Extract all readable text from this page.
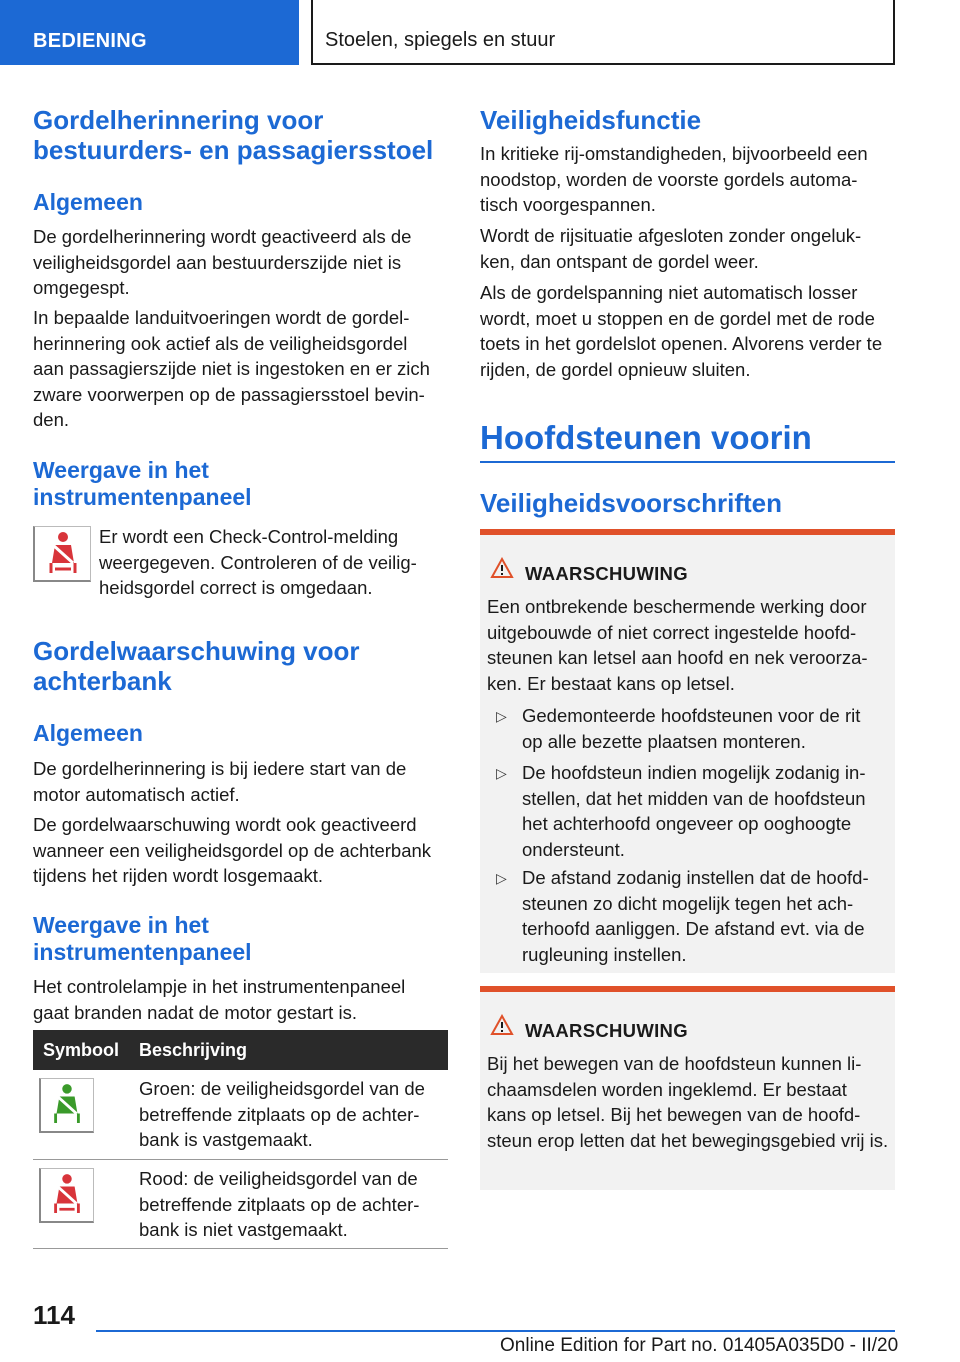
BEDIENING	Stoelen, spiegels en stuur
Gordelherinnering voor bestuurders- en passagiersstoel
Algemeen
De gordelherinnering wordt geactiveerd als de veiligheidsgordel aan bestuurderszijde niet is omgegespt.
In bepaalde landuitvoeringen wordt de gordel-herinnering ook actief als de veiligheidsgordel aan passagierszijde niet is ingestoken en er zich zware voorwerpen op de passagiersstoel bevin-den.
Weergave in het instrumentenpaneel
Er wordt een Check-Control-melding weergegeven. Controleren of de veilig-heidsgordel correct is omgedaan.
Gordelwaarschuwing voor achterbank
Algemeen
De gordelherinnering is bij iedere start van de motor automatisch actief.
De gordelwaarschuwing wordt ook geactiveerd wanneer een veiligheidsgordel op de achterbank tijdens het rijden wordt losgemaakt.
Weergave in het instrumentenpaneel
Het controlelampje in het instrumentenpaneel gaat branden nadat de motor gestart is.
Symbool Beschrijving
Groen: de veiligheidsgordel van de betreffende zitplaats op de achter-bank is vastgemaakt.
Rood: de veiligheidsgordel van de betreffende zitplaats op de achter-bank is niet vastgemaakt.
Veiligheidsfunctie
In kritieke rij-omstandigheden, bijvoorbeeld een noodstop, worden de voorste gordels automa-tisch voorgespannen.
Wordt de rijsituatie afgesloten zonder ongeluk-ken, dan ontspant de gordel weer.
Als de gordelspanning niet automatisch losser wordt, moet u stoppen en de gordel met de rode toets in het gordelslot openen. Alvorens verder te rijden, de gordel opnieuw sluiten.
Hoofdsteunen voorin
Veiligheidsvoorschriften
WAARSCHUWING
Een ontbrekende beschermende werking door uitgebouwde of niet correct ingestelde hoofd-steunen kan letsel aan hoofd en nek veroorza-ken. Er bestaat kans op letsel.
▷ Gedemonteerde hoofdsteunen voor de rit op alle bezette plaatsen monteren.
▷ De hoofdsteun indien mogelijk zodanig in-stellen, dat het midden van de hoofdsteun het achterhoofd ongeveer op ooghoogte ondersteunt.
▷ De afstand zodanig instellen dat de hoofd-steunen zo dicht mogelijk tegen het ach-terhoofd aanliggen. De afstand evt. via de rugleuning instellen.
WAARSCHUWING
Bij het bewegen van de hoofdsteun kunnen li-chaamsdelen worden ingeklemd. Er bestaat kans op letsel. Bij het bewegen van de hoofd-steun erop letten dat het bewegingsgebied vrij is.
114
Online Edition for Part no. 01405A035D0 - II/20
